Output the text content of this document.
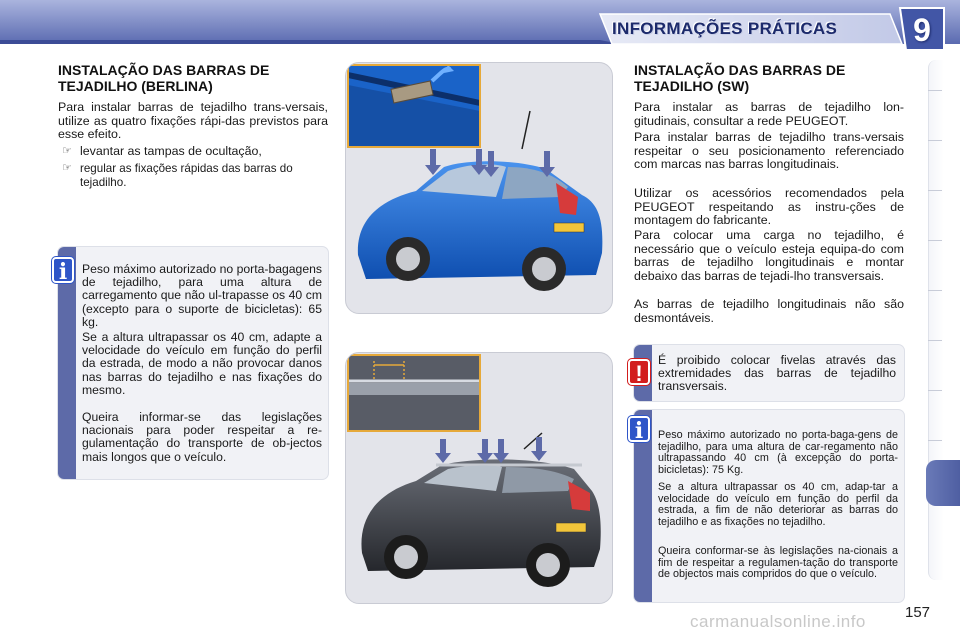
INFORMAÇÕES PRÁTICAS	9
INSTALAÇÃO DAS BARRAS DE
TEJADILHO (BERLINA)
Para instalar barras de tejadilho trans-versais, utilize as quatro fixações rápi-das previstos para esse efeito.
☞ levantar as tampas de ocultação,
☞ regular as fixações rápidas das barras do tejadilho.
Peso máximo autorizado no porta-bagagens de tejadilho, para uma altura de carregamento que não ul-trapasse os 40 cm (excepto para o suporte de bicicletas): 65 kg.
Se a altura ultrapassar os 40 cm, adapte a velocidade do veículo em função do perfil da estrada, de modo a não provocar danos nas barras do tejadilho e nas fixações do mesmo.
Queira informar-se das legislações nacionais para poder respeitar a re-gulamentação do transporte de ob-jectos mais longos que o veículo.
i
INSTALAÇÃO DAS BARRAS DE
TEJADILHO (SW)
Para instalar as barras de tejadilho lon-gitudinais, consultar a rede PEUGEOT.
Para instalar barras de tejadilho trans-versais respeitar o seu posicionamento referenciado com marcas nas barras longitudinais.
Utilizar os acessórios recomendados pela PEUGEOT respeitando as instru-ções de montagem do fabricante.
Para colocar uma carga no tejadilho, é necessário que o veículo esteja equipa-do com barras de tejadilho longitudinais e montar debaixo das barras de tejadi-lho transversais.
As barras de tejadilho longitudinais não são desmontáveis.
É proibido colocar fivelas através das extremidades das barras de tejadilho transversais.
!
Peso máximo autorizado no porta-baga-gens de tejadilho, para uma altura de car-regamento não ultrapassando 40 cm (à excepção do porta-bicicletas): 75 Kg.
Se a altura ultrapassar os 40 cm, adap-tar a velocidade do veículo em função do perfil da estrada, a fim de não deteriorar as barras do tejadilho e as fixações no tejadilho.
Queira conformar-se às legislações na-cionais a fim de respeitar a regulamen-tação do transporte de objectos mais compridos do que o veículo.
i
carmanualsonline.info	157
